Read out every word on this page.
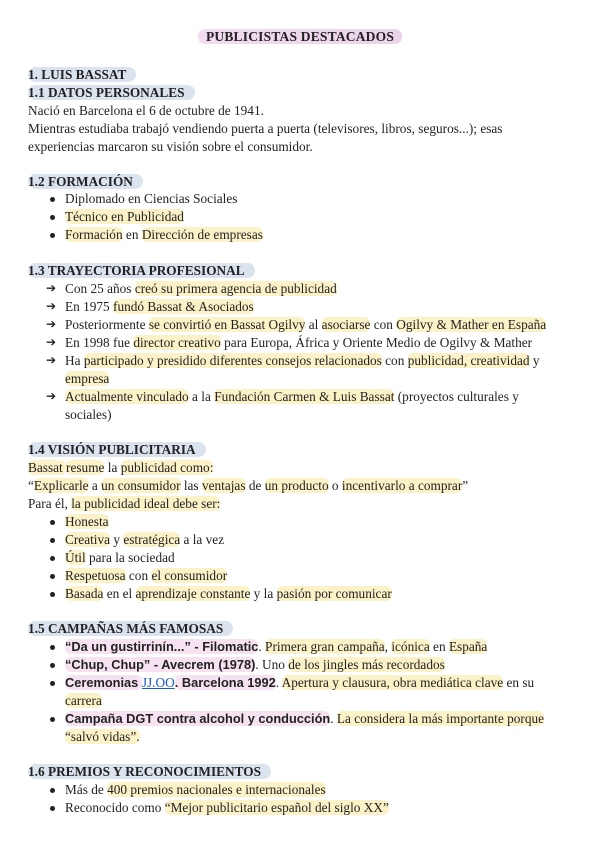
PUBLICISTAS DESTACADOS
1. LUIS BASSAT
1.1 DATOS PERSONALES
Nació en Barcelona el 6 de octubre de 1941.
Mientras estudiaba trabajó vendiendo puerta a puerta (televisores, libros, seguros...); esas
experiencias marcaron su visión sobre el consumidor.
1.2 FORMACIÓN
Diplomado en Ciencias Sociales
Técnico en Publicidad
Formación en Dirección de empresas
1.3 TRAYECTORIA PROFESIONAL
➔ Con 25 años creó su primera agencia de publicidad
➔ En 1975 fundó Bassat & Asociados
➔ Posteriormente se convirtió en Bassat Ogilvy al asociarse con Ogilvy & Mather en España
➔ En 1998 fue director creativo para Europa, África y Oriente Medio de Ogilvy & Mather
➔ Ha participado y presidido diferentes consejos relacionados con publicidad, creatividad y
empresa
➔ Actualmente vinculado a la Fundación Carmen & Luis Bassat (proyectos culturales y
sociales)
1.4 VISIÓN PUBLICITARIA
Bassat resume la publicidad como:
“Explicarle a un consumidor las ventajas de un producto o incentivarlo a comprar”
Para él, la publicidad ideal debe ser:
Honesta
Creativa y estratégica a la vez
Útil para la sociedad
Respetuosa con el consumidor
Basada en el aprendizaje constante y la pasión por comunicar
1.5 CAMPAÑAS MÁS FAMOSAS
“Da un gustirrinín...” - Filomatic. Primera gran campaña, icónica en España
“Chup, Chup” - Avecrem (1978). Uno de los jingles más recordados
Ceremonias JJ.OO. Barcelona 1992. Apertura y clausura, obra mediática clave en su
carrera
Campaña DGT contra alcohol y conducción. La considera la más importante porque
“salvó vidas”.
1.6 PREMIOS Y RECONOCIMIENTOS
Más de 400 premios nacionales e internacionales
Reconocido como “Mejor publicitario español del siglo XX”
